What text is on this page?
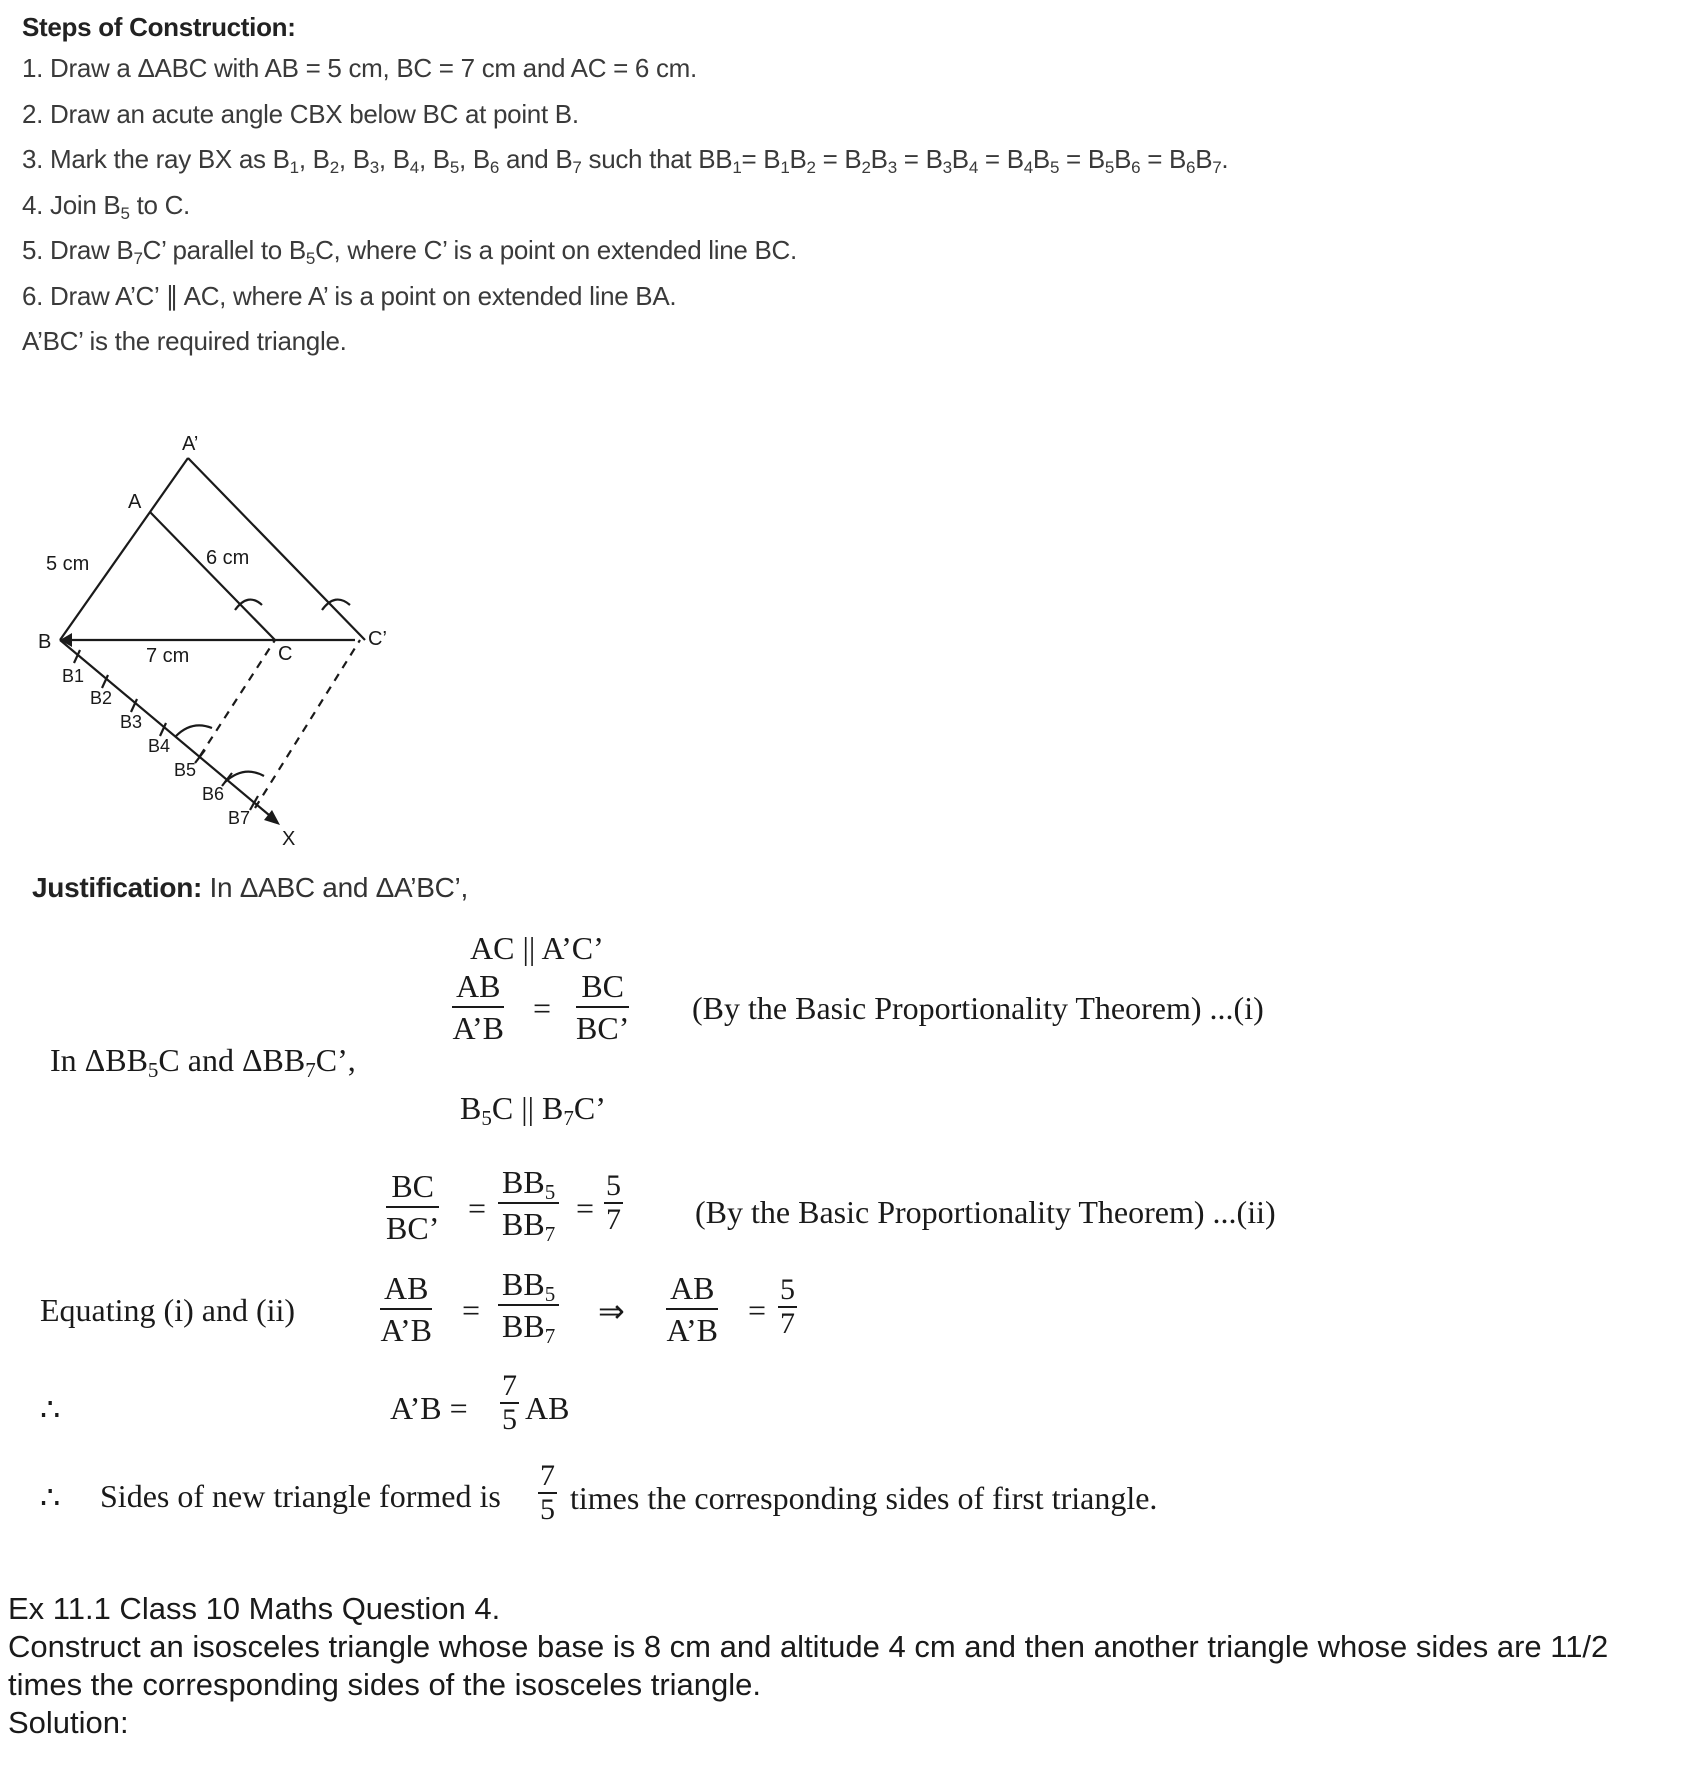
Steps of Construction:
1. Draw a ΔABC with AB = 5 cm, BC = 7 cm and AC = 6 cm.
2. Draw an acute angle CBX below BC at point B.
3. Mark the ray BX as $B_1$, $B_2$, $B_3$, $B_4$, $B_5$, $B_6$ and $B_7$ such that $BB_1= B_1B_2 = B_2B_3 = B_3B_4 = B_4B_5 = B_5B_6 = B_6B_7$.
4. Join $B_5$ to C.
5. Draw $B_7C$’ parallel to $B_5C$, where C’ is a point on extended line BC.
6. Draw A’C’ ∥ AC, where A’ is a point on extended line BA.
A’BC’ is the required triangle.
A’
A
B
C
C’
X
5 cm	6 cm
7 cm
B1
B2
B3
B4
B5
B6
B7
Justification: In ΔABC and ΔA’BC’,
AC || A’C’
$\frac{AB}{A’B} = \frac{BC}{BC’} (By$ the Basic Proportionality Theorem) ...(i)
In $\Delta BB_5C$ and $\Delta BB_7C$’,
$B_5C$ || $B_7C$’
$\frac{BC}{BC’} = \frac{BB_5}{BB_7}$ =
5
7 (By the Basic Proportionality Theorem) ...(ii)
Equating (i) and (ii)	$\frac{AB}{A’B} = \frac{BB_5}{BB_7}$ ⇒ $\frac{AB}{A’B}$ =
5
7
∴	A’B =
7
5 AB
∴ Sides of new triangle formed is
7
5 times the corresponding sides of first triangle.
Ex 11.1 Class 10 Maths Question 4.
Construct an isosceles triangle whose base is 8 cm and altitude 4 cm and then another triangle whose sides are 11/2 times the corresponding sides of the isosceles triangle.
Solution:
